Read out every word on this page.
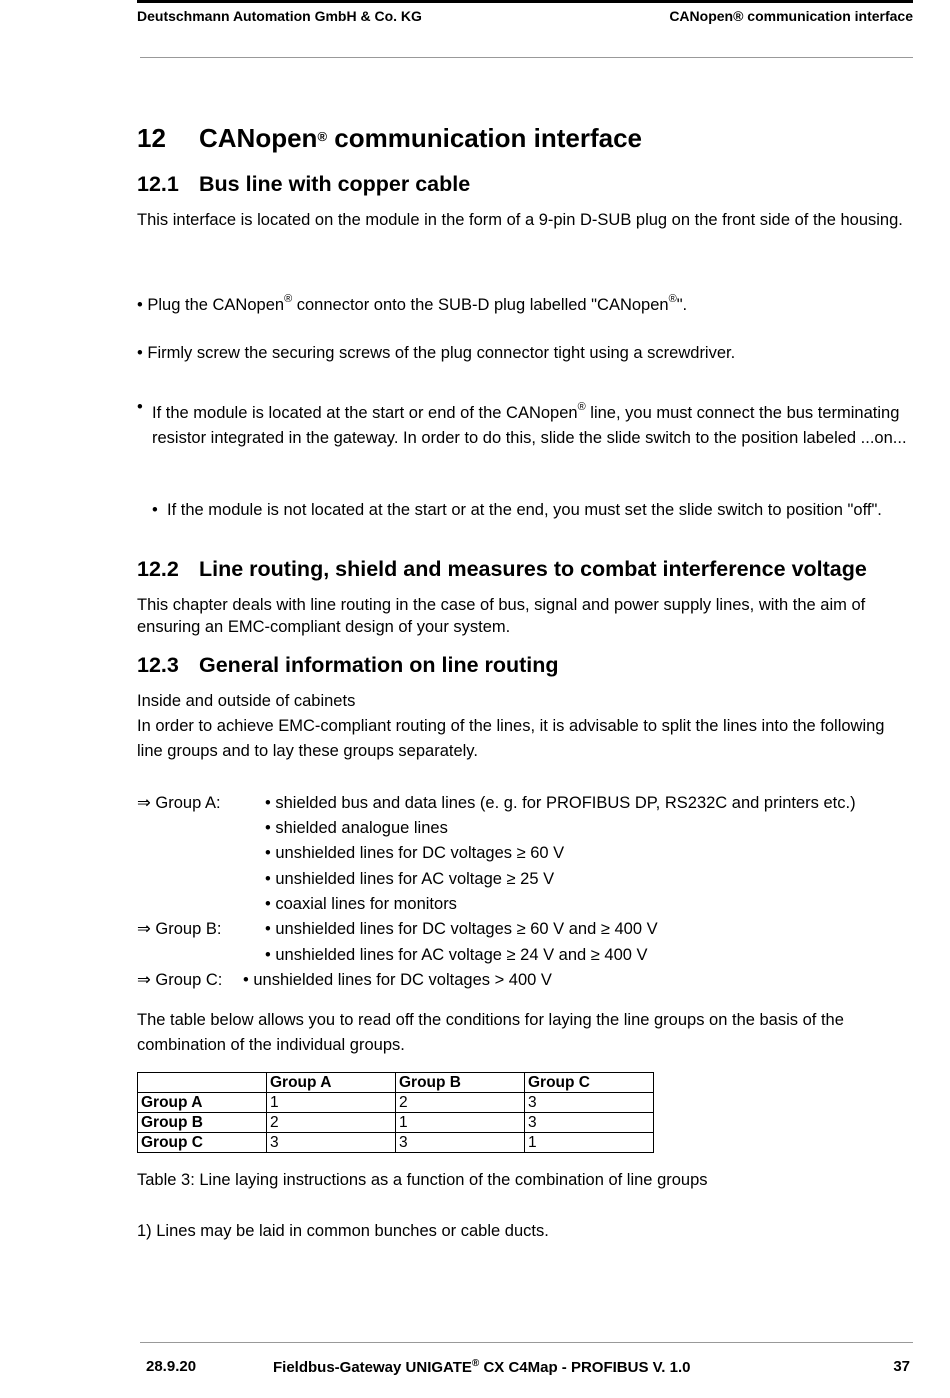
Deutschmann Automation GmbH & Co. KG	CANopen® communication interface
12 CANopen® communication interface
12.1 Bus line with copper cable
This interface is located on the module in the form of a 9-pin D-SUB plug on the front side of the housing.
• Plug the CANopen® connector onto the SUB-D plug labelled "CANopen®".
• Firmly screw the securing screws of the plug connector tight using a screwdriver.
• If the module is located at the start or end of the CANopen® line, you must connect the bus terminating resistor integrated in the gateway. In order to do this, slide the slide switch to the position labeled ...on...
• If the module is not located at the start or at the end, you must set the slide switch to position "off".
12.2 Line routing, shield and measures to combat interference voltage
This chapter deals with line routing in the case of bus, signal and power supply lines, with the aim of ensuring an EMC-compliant design of your system.
12.3 General information on line routing
Inside and outside of cabinets
In order to achieve EMC-compliant routing of the lines, it is advisable to split the lines into the following line groups and to lay these groups separately.
⇒ Group A:	• shielded bus and data lines (e. g. for PROFIBUS DP, RS232C and printers etc.)
• shielded analogue lines
• unshielded lines for DC voltages ≥ 60 V
• unshielded lines for AC voltage ≥ 25 V
• coaxial lines for monitors
⇒ Group B:	• unshielded lines for DC voltages ≥ 60 V and ≥ 400 V
• unshielded lines for AC voltage ≥ 24 V and ≥ 400 V
⇒ Group C: • unshielded lines for DC voltages > 400 V
The table below allows you to read off the conditions for laying the line groups on the basis of the combination of the individual groups.
	Group A	Group B	Group C
Group A	1	2	3
Group B	2	1	3
Group C	3	3	1
Table 3: Line laying instructions as a function of the combination of line groups
1) Lines may be laid in common bunches or cable ducts.
28.9.20	Fieldbus-Gateway UNIGATE® CX C4Map - PROFIBUS V. 1.0	37
